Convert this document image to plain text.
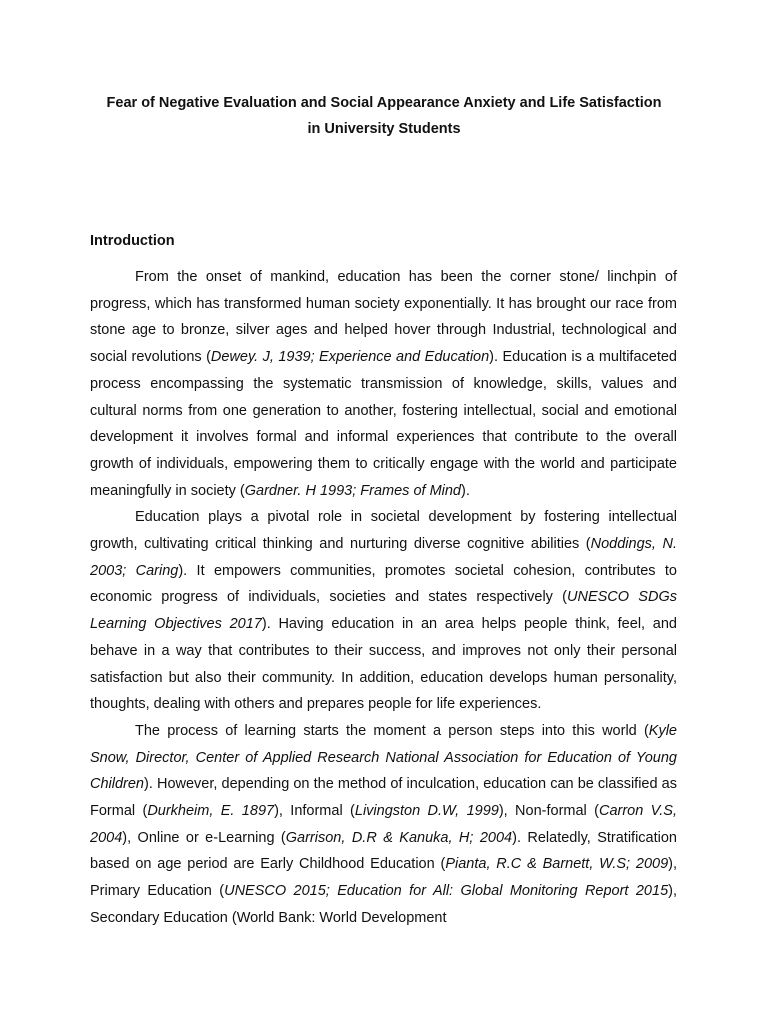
Fear of Negative Evaluation and Social Appearance Anxiety and Life Satisfaction
in University Students
Introduction

From the onset of mankind, education has been the corner stone/ linchpin of progress, which has transformed human society exponentially. It has brought our race from stone age to bronze, silver ages and helped hover through Industrial, technological and social revolutions (Dewey. J, 1939; Experience and Education). Education is a multifaceted process encompassing the systematic transmission of knowledge, skills, values and cultural norms from one generation to another, fostering intellectual, social and emotional development it involves formal and informal experiences that contribute to the overall growth of individuals, empowering them to critically engage with the world and participate meaningfully in society (Gardner. H 1993; Frames of Mind).

Education plays a pivotal role in societal development by fostering intellectual growth, cultivating critical thinking and nurturing diverse cognitive abilities (Noddings, N. 2003; Caring). It empowers communities, promotes societal cohesion, contributes to economic progress of individuals, societies and states respectively (UNESCO SDGs Learning Objectives 2017). Having education in an area helps people think, feel, and behave in a way that contributes to their success, and improves not only their personal satisfaction but also their community. In addition, education develops human personality, thoughts, dealing with others and prepares people for life experiences.

The process of learning starts the moment a person steps into this world (Kyle Snow, Director, Center of Applied Research National Association for Education of Young Children). However, depending on the method of inculcation, education can be classified as Formal (Durkheim, E. 1897), Informal (Livingston D.W, 1999), Non-formal (Carron V.S, 2004), Online or e-Learning (Garrison, D.R & Kanuka, H; 2004). Relatedly, Stratification based on age period are Early Childhood Education (Pianta, R.C & Barnett, W.S; 2009), Primary Education (UNESCO 2015; Education for All: Global Monitoring Report 2015), Secondary Education (World Bank: World Development
